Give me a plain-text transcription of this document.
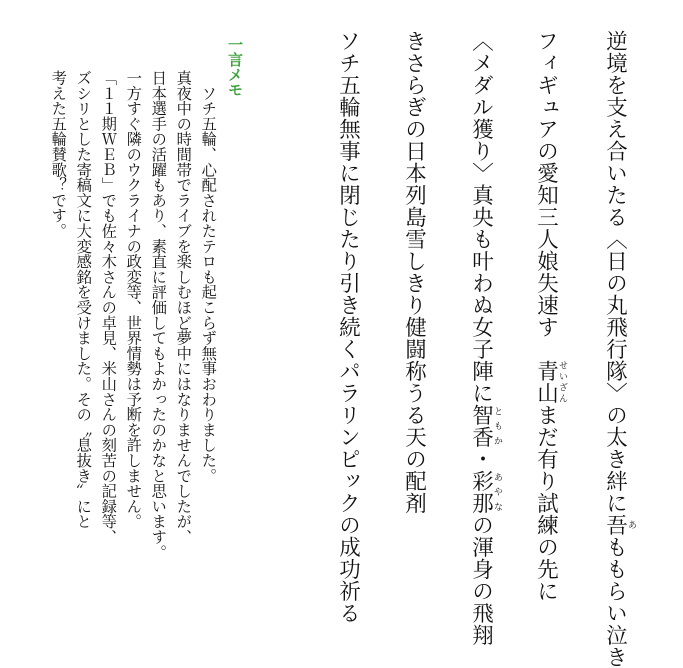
逆境を支え合いたる〈日の丸飛行隊〉の太き絆に吾あももらい泣き
フィギュアの愛知三人娘失速す　青山せいざんまだ有り試練の先に
〈メダル獲り〉真央も叶わぬ女子陣に智香ともか・彩那あやなの渾身の飛翔
きさらぎの日本列島雪しきり健闘称うる天の配剤
ソチ五輪無事に閉じたり引き続くパラリンピックの成功祈る
一言メモ
　ソチ五輪、心配されたテロも起こらず無事おわりました。
真夜中の時間帯でライブを楽しむほど夢中にはなりませんでしたが、
日本選手の活躍もあり、素直に評価してもよかったのかなと思います。
一方すぐ隣のウクライナの政変等、世界情勢は予断を許しません。
「１１期ＷＥＢ」でも佐々木さんの卓見、米山さんの刻苦の記録等、
ズシリとした寄稿文に大変感銘を受けました。その〝息抜き〟にと
考えた五輪賛歌？です。
